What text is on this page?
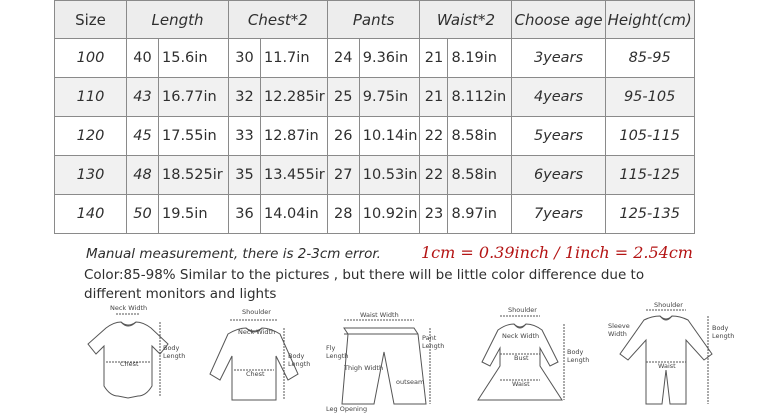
Size	Length		Chest*2		Pants		Waist*2		Choose age	Height(cm)
100	40	15.6in	30	11.7in	24	9.36in	21	8.19in	3years	85-95
110	43	16.77in	32	12.285ir	25	9.75in	21	8.112in	4years	95-105
120	45	17.55in	33	12.87in	26	10.14in	22	8.58in	5years	105-115
130	48	18.525ir	35	13.455ir	27	10.53in	22	8.58in	6years	115-125
140	50	19.5in	36	14.04in	28	10.92in	23	8.97in	7years	125-135
Manual measurement, there is 2-3cm error.	1cm = 0.39inch / 1inch = 2.54cm
Color:85-98% Similar to the pictures , but there will be little color difference due to
different monitors and lights
Neck Width
Chest
Body
Length
Shoulder
Neck Width
Chest
Body
Length
Waist Width
Fly
Length
Pant
Length
Thigh Width
Leg Opening
outseam
Shoulder
Neck Width
Bust
Waist
Body
Length
Shoulder
Sleeve
Width
Waist
Body
Length
